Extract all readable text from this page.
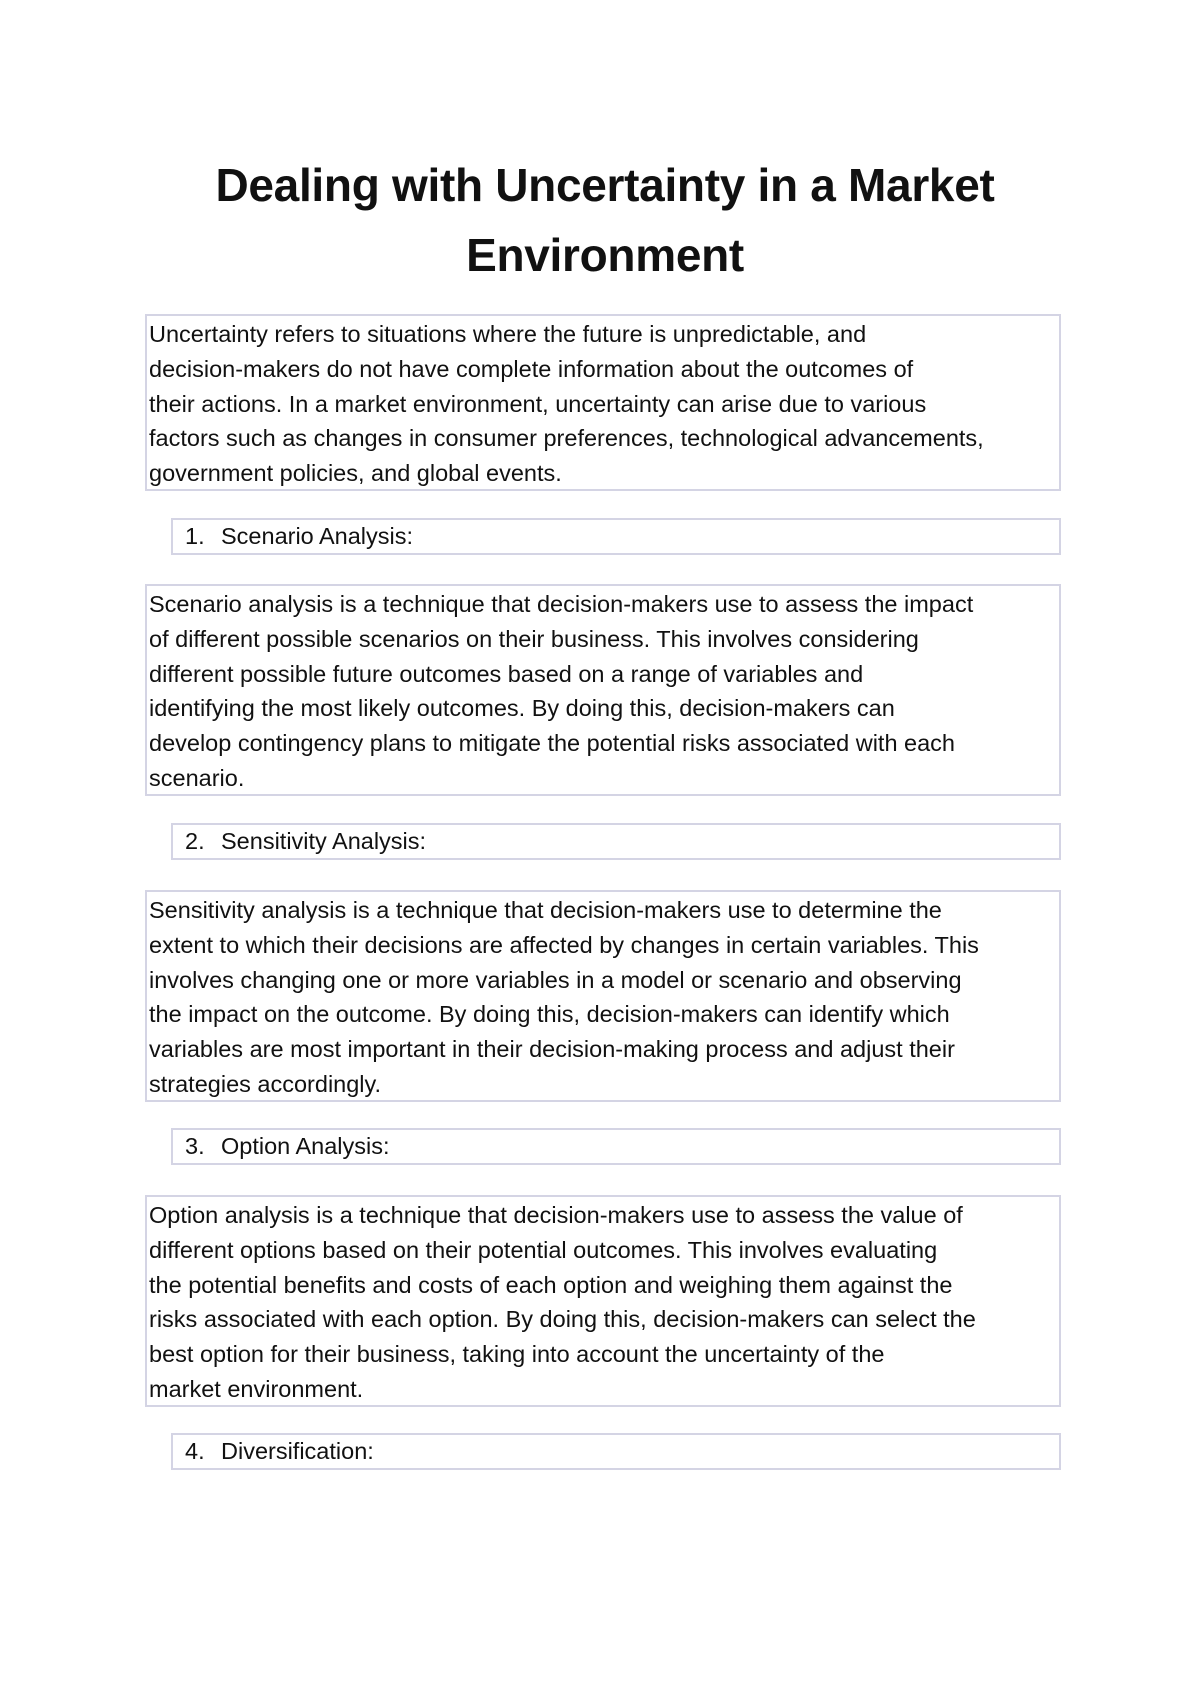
Dealing with Uncertainty in a Market Environment

Uncertainty refers to situations where the future is unpredictable, and
decision-makers do not have complete information about the outcomes of
their actions. In a market environment, uncertainty can arise due to various
factors such as changes in consumer preferences, technological advancements,
government policies, and global events.

1. Scenario Analysis:

Scenario analysis is a technique that decision-makers use to assess the impact
of different possible scenarios on their business. This involves considering
different possible future outcomes based on a range of variables and
identifying the most likely outcomes. By doing this, decision-makers can
develop contingency plans to mitigate the potential risks associated with each
scenario.

2. Sensitivity Analysis:

Sensitivity analysis is a technique that decision-makers use to determine the
extent to which their decisions are affected by changes in certain variables. This
involves changing one or more variables in a model or scenario and observing
the impact on the outcome. By doing this, decision-makers can identify which
variables are most important in their decision-making process and adjust their
strategies accordingly.

3. Option Analysis:

Option analysis is a technique that decision-makers use to assess the value of
different options based on their potential outcomes. This involves evaluating
the potential benefits and costs of each option and weighing them against the
risks associated with each option. By doing this, decision-makers can select the
best option for their business, taking into account the uncertainty of the
market environment.

4. Diversification:
